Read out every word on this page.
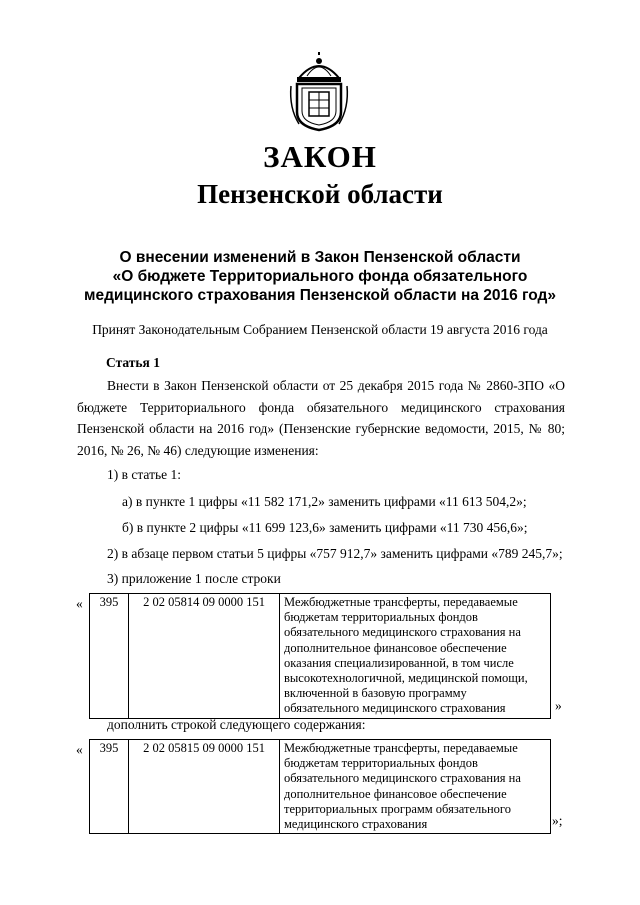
ЗАКОН
Пензенской области
О внесении изменений в Закон Пензенской области
«О бюджете Территориального фонда обязательного
медицинского страхования Пензенской области на 2016 год»
Принят Законодательным Собранием Пензенской области 19 августа 2016 года
Статья 1
Внести в Закон Пензенской области от 25 декабря 2015 года № 2860-ЗПО «О бюджете Территориального фонда обязательного медицинского страхования Пензенской области на 2016 год» (Пензенские губернские ведомости, 2015, № 80; 2016, № 26, № 46) следующие изменения:
1) в статье 1:
а) в пункте 1 цифры «11 582 171,2» заменить цифрами «11 613 504,2»;
б) в пункте 2 цифры «11 699 123,6» заменить цифрами «11 730 456,6»;
2) в абзаце первом статьи 5 цифры «757 912,7» заменить цифрами «789 245,7»;
3) приложение 1 после строки
« 395	2 02 05814 09 0000 151	Межбюджетные трансферты, передаваемые
бюджетам территориальных фондов
обязательного медицинского страхования на
дополнительное финансовое обеспечение
оказания специализированной, в том числе
высокотехнологичной, медицинской помощи,
включенной в базовую программу
обязательного медицинского страхования	»
дополнить строкой следующего содержания:
« 395	2 02 05815 09 0000 151	Межбюджетные трансферты, передаваемые
бюджетам территориальных фондов
обязательного медицинского страхования на
дополнительное финансовое обеспечение
территориальных программ обязательного
медицинского страхования	»;
